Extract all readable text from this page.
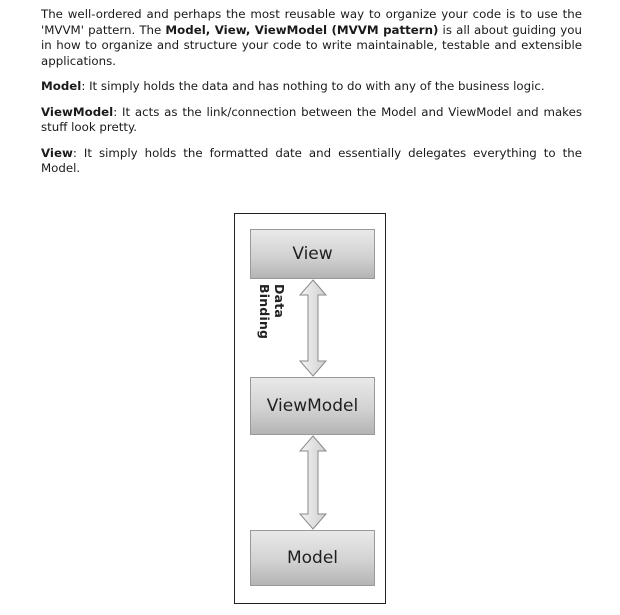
The well-ordered and perhaps the most reusable way to organize your code is to use the 'MVVM' pattern. The Model, View, ViewModel (MVVM pattern) is all about guiding you in how to organize and structure your code to write maintainable, testable and extensible applications.

Model: It simply holds the data and has nothing to do with any of the business logic.

ViewModel: It acts as the link/connection between the Model and ViewModel and makes stuff look pretty.

View: It simply holds the formatted date and essentially delegates everything to the Model.

View
Data Binding
ViewModel
Model
